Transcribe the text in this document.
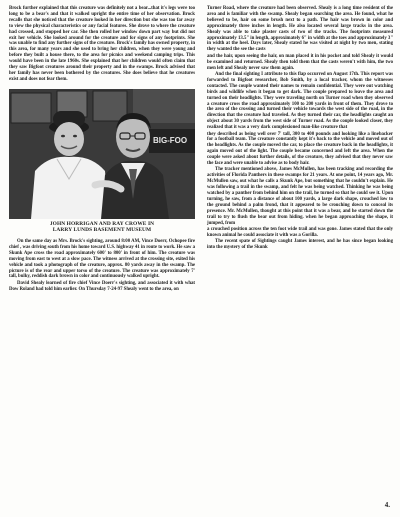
Brock further explained that this creature was definitely not a bear...that it's legs were too long to be a bear's and that it walked upright the entire time of her observation. Brock recalls that she noticed that the creature looked in her direction but she was too far away to view the physical characteristics or any facial features. She drove to where the creature had crossed, and stopped her car. She then rolled her window down part way but did not exit her vehicle. She looked around for the creature and for signs of any footprints. She was unable to find any further signs of the creature. Brock's family has owned property, in this area, for many years and she used to bring her children, when they were young and before they built a house there, to the area for picnics and weekend camping trips. This would have been in the late 1960s. She explained that her children would often claim that they saw Bigfoot creatures around their property and in the swamps. Brock advised that her family has never been bothered by the creatures. She does believe that he creatures exist and does not fear them.

BIG-FOO
JOHN HORRIGAN AND RAY CROWE IN
LARRY LUNDS BASEMENT MUSEUM

On the same day as Mrs. Brock's sighting, around 8:00 AM, Vince Doerr, Ochopee fire chief , was driving south from his home toward U.S. highway 41 in route to work. He saw a Skunk Ape cross the road approximately 600' to 800' in front of him. The creature was moving from east to west at a slow pace. The witness arrived at the crossing site, exited his vehicle and took a photograph of the creature, approx. 80 yards away in the swamp. The picture is of the rear and upper torso of the creature. The creature was approximately 7' tall, bulky, reddish dark brown in color and continuously walked upright.

David Shealy learned of fire chief Vince Doerr's sighting, and associated it with what Dow Roland had told him earlier. On Thursday 7-24-97 Shealy went to the area, on

Turner Road, where the creature had been observed. Shealy is a long time resident of the area and is familiar with the swamp. Shealy began searching the area. He found, what he believed to be, hair on some brush next to a path. The hair was brown in color and approximately three inches in length. He also located several large tracks in the area. Shealy was able to take plaster casts of two of the tracks. The footprints measured approximately 13.5" in length, approximately 6" in width at the toes and approximately 3" in width at the heel. Days later, Shealy stated he was visited at night by two men, stating they wanted the see the casts

and the hair, upon seeing the hair, on man placed it in his pocket and told Shealy it would be examined and returned. Shealy then told them that the casts weren't with him, the two men left and Shealy never saw them again.

And the final sighting I attribute to this flap occurred on August 17th. This report was forwarded to Bigfoot researcher, Bob Smith, by a local tracker, whom the witnesses contacted. The couple wanted their names to remain confidential. They were out watching birds and wildlife when it began to get dark. The couple prepared to leave the area and turned on their headlights. They were traveling north on Turner road when they observed a creature cross the road approximately 100 to 200 yards in front of them. They drove to the area of the crossing and turned their vehicle towards the west side of the road, in the direction that the creature had traveled. As they turned their car, the headlights caught an object about 30 yards from the west side of Turner road. As the couple looked closer, they realized that it was a very dark complexioned man-like creature that

they described as being well over 7' tall, 300 to 400 pounds and looking like a linebacker for a football team. The creature constantly kept it's back to the vehicle and moved out of the headlights. As the couple moved the car, to place the creature back in the headlights, it again moved out of the light. The couple became concerned and left the area. When the couple were asked about further details, of the creature, they advised that they never saw the face and were unable to advise as to body hair.

The tracker mentioned above, James McMullen, has been tracking and recording the activities of Florida Panthers in these swamps for 21 years. At one point, 14 years ago, Mr. McMullen saw, out what he calls a Skunk Ape, but something that he couldn't explain. He was following a trail in the swamp, and felt he was being watched. Thinking he was being watched by a panther from behind him on the trail, he turned so that he could see it. Upon turning, he saw, from a distance of about 100 yards, a large dark shape, crouched low to the ground behind a palm frond, that it appeared to be crouching down to conceal its presence. Mr. McMullen, thought at this point that it was a bear, and he started down the trail to try to flush the bear out from hiding. when he began approaching the shape, it jumped, from

a crouched position across the ten foot wide trail and was gone. James stated that the only known animal he could associate it with was a Gorilla.

The recent spate of Sightings caught James interest, and he has since began looking into the mystery of the Skunk

4.
